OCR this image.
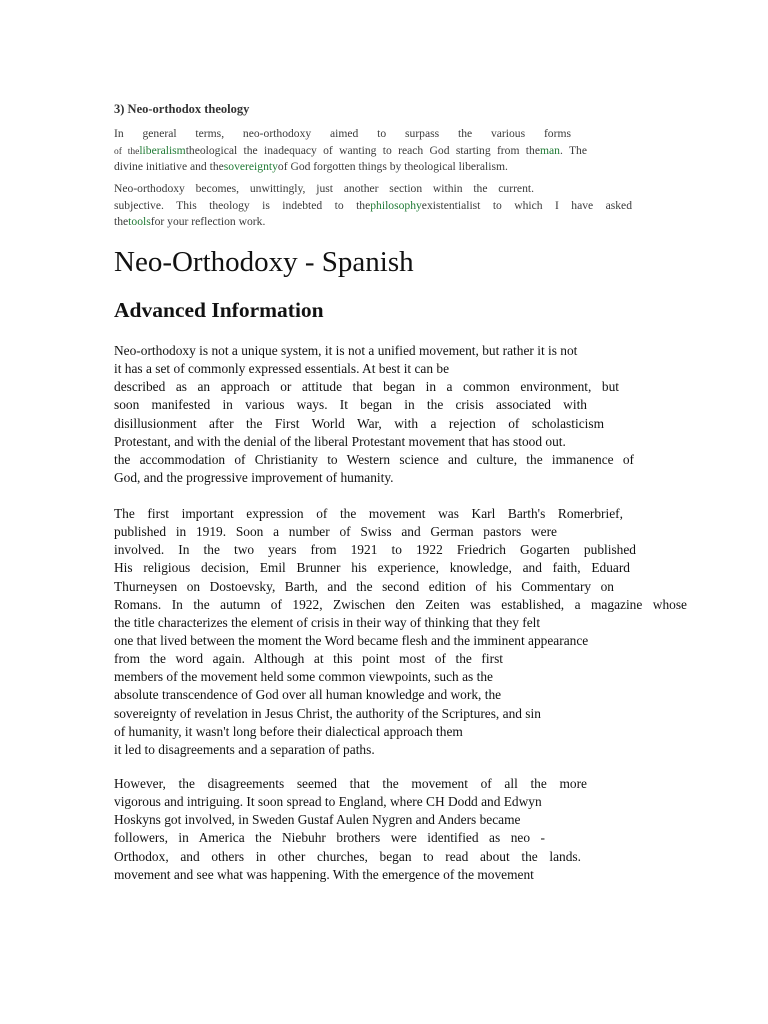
3) Neo-orthodox theology
In general terms, neo-orthodoxy aimed to surpass the various forms
of theliberalismtheological the inadequacy of wanting to reach God starting from theman. The
divine initiative and thesovereigntyof God forgotten things by theological liberalism.
Neo-orthodoxy becomes, unwittingly, just another section within the current.
subjective. This theology is indebted to thephilosophyexistentialist to which I have asked
thetoolsfor your reflection work.
Neo-Orthodoxy - Spanish
Advanced Information
Neo-orthodoxy is not a unique system, it is not a unified movement, but rather it is not
it has a set of commonly expressed essentials. At best it can be
described as an approach or attitude that began in a common environment, but
soon manifested in various ways. It began in the crisis associated with
disillusionment after the First World War, with a rejection of scholasticism
Protestant, and with the denial of the liberal Protestant movement that has stood out.
the accommodation of Christianity to Western science and culture, the immanence of
God, and the progressive improvement of humanity.
The first important expression of the movement was Karl Barth's Romerbrief,
published in 1919. Soon a number of Swiss and German pastors were
involved. In the two years from 1921 to 1922 Friedrich Gogarten published
His religious decision, Emil Brunner his experience, knowledge, and faith, Eduard
Thurneysen on Dostoevsky, Barth, and the second edition of his Commentary on
Romans. In the autumn of 1922, Zwischen den Zeiten was established, a magazine whose
the title characterizes the element of crisis in their way of thinking that they felt
one that lived between the moment the Word became flesh and the imminent appearance
from the word again. Although at this point most of the first
members of the movement held some common viewpoints, such as the
absolute transcendence of God over all human knowledge and work, the
sovereignty of revelation in Jesus Christ, the authority of the Scriptures, and sin
of humanity, it wasn't long before their dialectical approach them
it led to disagreements and a separation of paths.
However, the disagreements seemed that the movement of all the more
vigorous and intriguing. It soon spread to England, where CH Dodd and Edwyn
Hoskyns got involved, in Sweden Gustaf Aulen Nygren and Anders became
followers, in America the Niebuhr brothers were identified as neo -
Orthodox, and others in other churches, began to read about the lands.
movement and see what was happening. With the emergence of the movement
